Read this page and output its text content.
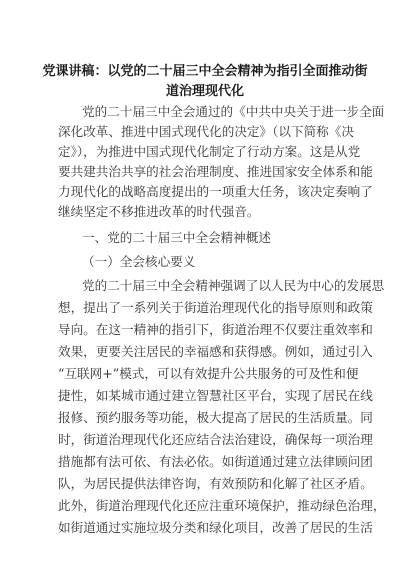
党课讲稿：以党的二十届三中全会精神为指引全面推动街
道治理现代化
党的二十届三中全会通过的《中共中央关于进一步全面
深化改革、推进中国式现代化的决定》（以下简称《决
定》），为推进中国式现代化制定了行动方案。这是从党
要共建共治共享的社会治理制度、推进国家安全体系和能
力现代化的战略高度提出的一项重大任务，该决定奏响了
继续坚定不移推进改革的时代强音。
一、党的二十届三中全会精神概述
（一）全会核心要义
党的二十届三中全会精神强调了以人民为中心的发展思
想，提出了一系列关于街道治理现代化的指导原则和政策
导向。在这一精神的指引下，街道治理不仅要注重效率和
效果，更要关注居民的幸福感和获得感。例如，通过引入
“互联网+”模式，可以有效提升公共服务的可及性和便
捷性，如某城市通过建立智慧社区平台，实现了居民在线
报修、预约服务等功能，极大提高了居民的生活质量。同
时，街道治理现代化还应结合法治建设，确保每一项治理
措施都有法可依、有法必依。如街道通过建立法律顾问团
队，为居民提供法律咨询，有效预防和化解了社区矛盾。
此外，街道治理现代化还应注重环境保护，推动绿色治理，
如街道通过实施垃圾分类和绿化项目，改善了居民的生活
